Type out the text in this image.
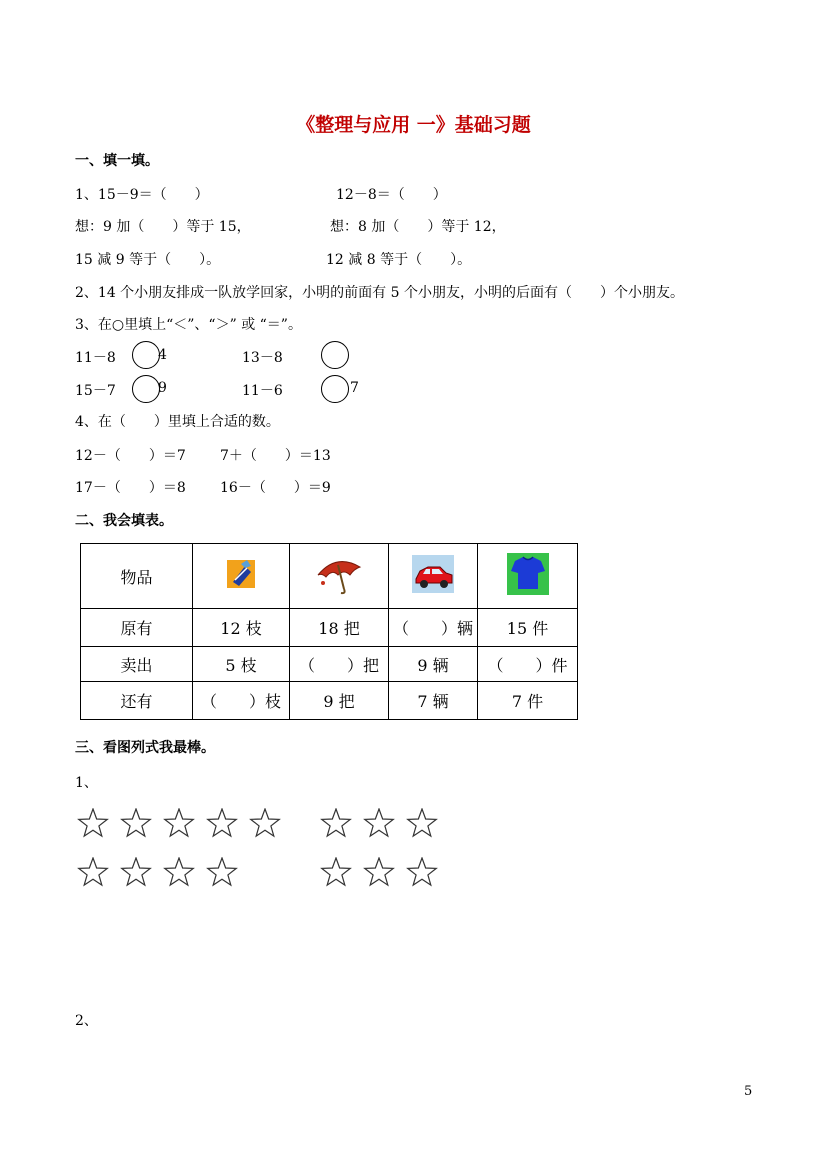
《整理与应用 一》基础习题
一、填一填。
1、15－9＝（　　）	12－8＝（　　）
想：9 加（　　）等于 15，	想：8 加（　　）等于 12，
15 减 9 等于（　　）。	12 减 8 等于（　　）。
2、14 个小朋友排成一队放学回家，小明的前面有 5 个小朋友，小明的后面有（　　）个小朋友。
3、在○里填上“＜”、“＞” 或 “＝”。
11－8	4	13－8
15－7	9	11－6	7
4、在（　　）里填上合适的数。
12－（　　）＝7 7＋（　　）＝13
17－（　　）＝8 16－（　　）＝9
二、我会填表。
物品				
原有	12 枝	18 把	（　　）辆	15 件
卖出	5 枝	（　　）把	9 辆	（　　）件
还有	（　　）枝	9 把	7 辆	7 件
三、看图列式我最棒。
1、
2、
5
